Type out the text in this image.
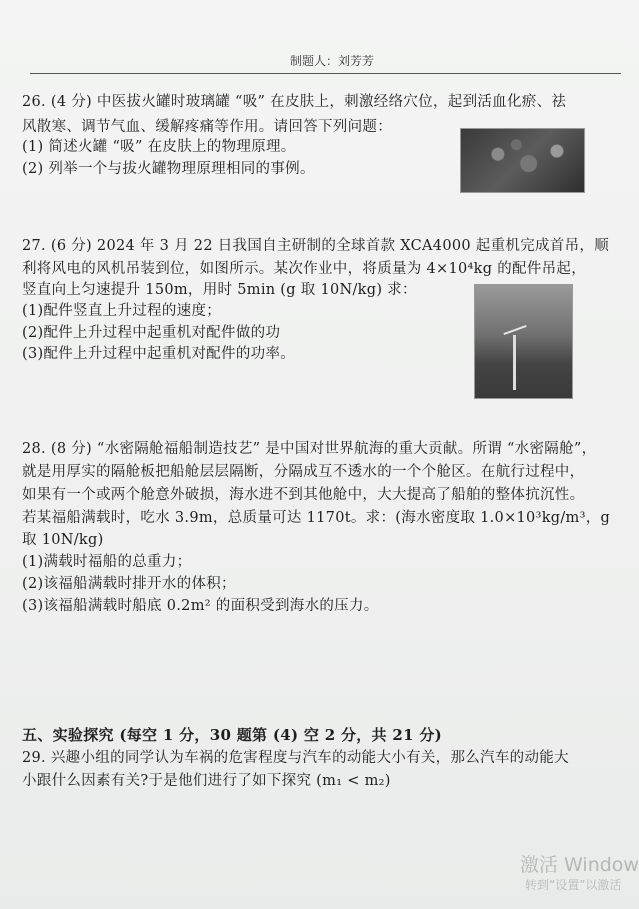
制题人：刘芳芳
26. (4 分) 中医拔火罐时玻璃罐 “吸” 在皮肤上，刺激经络穴位，起到活血化瘀、祛
风散寒、调节气血、缓解疼痛等作用。请回答下列问题：
(1) 简述火罐 “吸” 在皮肤上的物理原理。
(2) 列举一个与拔火罐物理原理相同的事例。
27. (6 分) 2024 年 3 月 22 日我国自主研制的全球首款 XCA4000 起重机完成首吊，顺
利将风电的风机吊装到位，如图所示。某次作业中，将质量为 4×10⁴kg 的配件吊起，
竖直向上匀速提升 150m，用时 5min (g 取 10N/kg) 求：
(1)配件竖直上升过程的速度；
(2)配件上升过程中起重机对配件做的功
(3)配件上升过程中起重机对配件的功率。
28. (8 分) “水密隔舱福船制造技艺” 是中国对世界航海的重大贡献。所谓 “水密隔舱”，
就是用厚实的隔舱板把船舱层层隔断，分隔成互不透水的一个个舱区。在航行过程中，
如果有一个或两个舱意外破损，海水进不到其他舱中，大大提高了船舶的整体抗沉性。
若某福船满载时，吃水 3.9m，总质量可达 1170t。求：(海水密度取 1.0×10³kg/m³，g
取 10N/kg)
(1)满载时福船的总重力；
(2)该福船满载时排开水的体积；
(3)该福船满载时船底 0.2m² 的面积受到海水的压力。
五、实验探究 (每空 1 分，30 题第 (4) 空 2 分，共 21 分)
29. 兴趣小组的同学认为车祸的危害程度与汽车的动能大小有关，那么汽车的动能大
小跟什么因素有关?于是他们进行了如下探究 (m₁ < m₂)
激活 Window
转到“设置”以激活
